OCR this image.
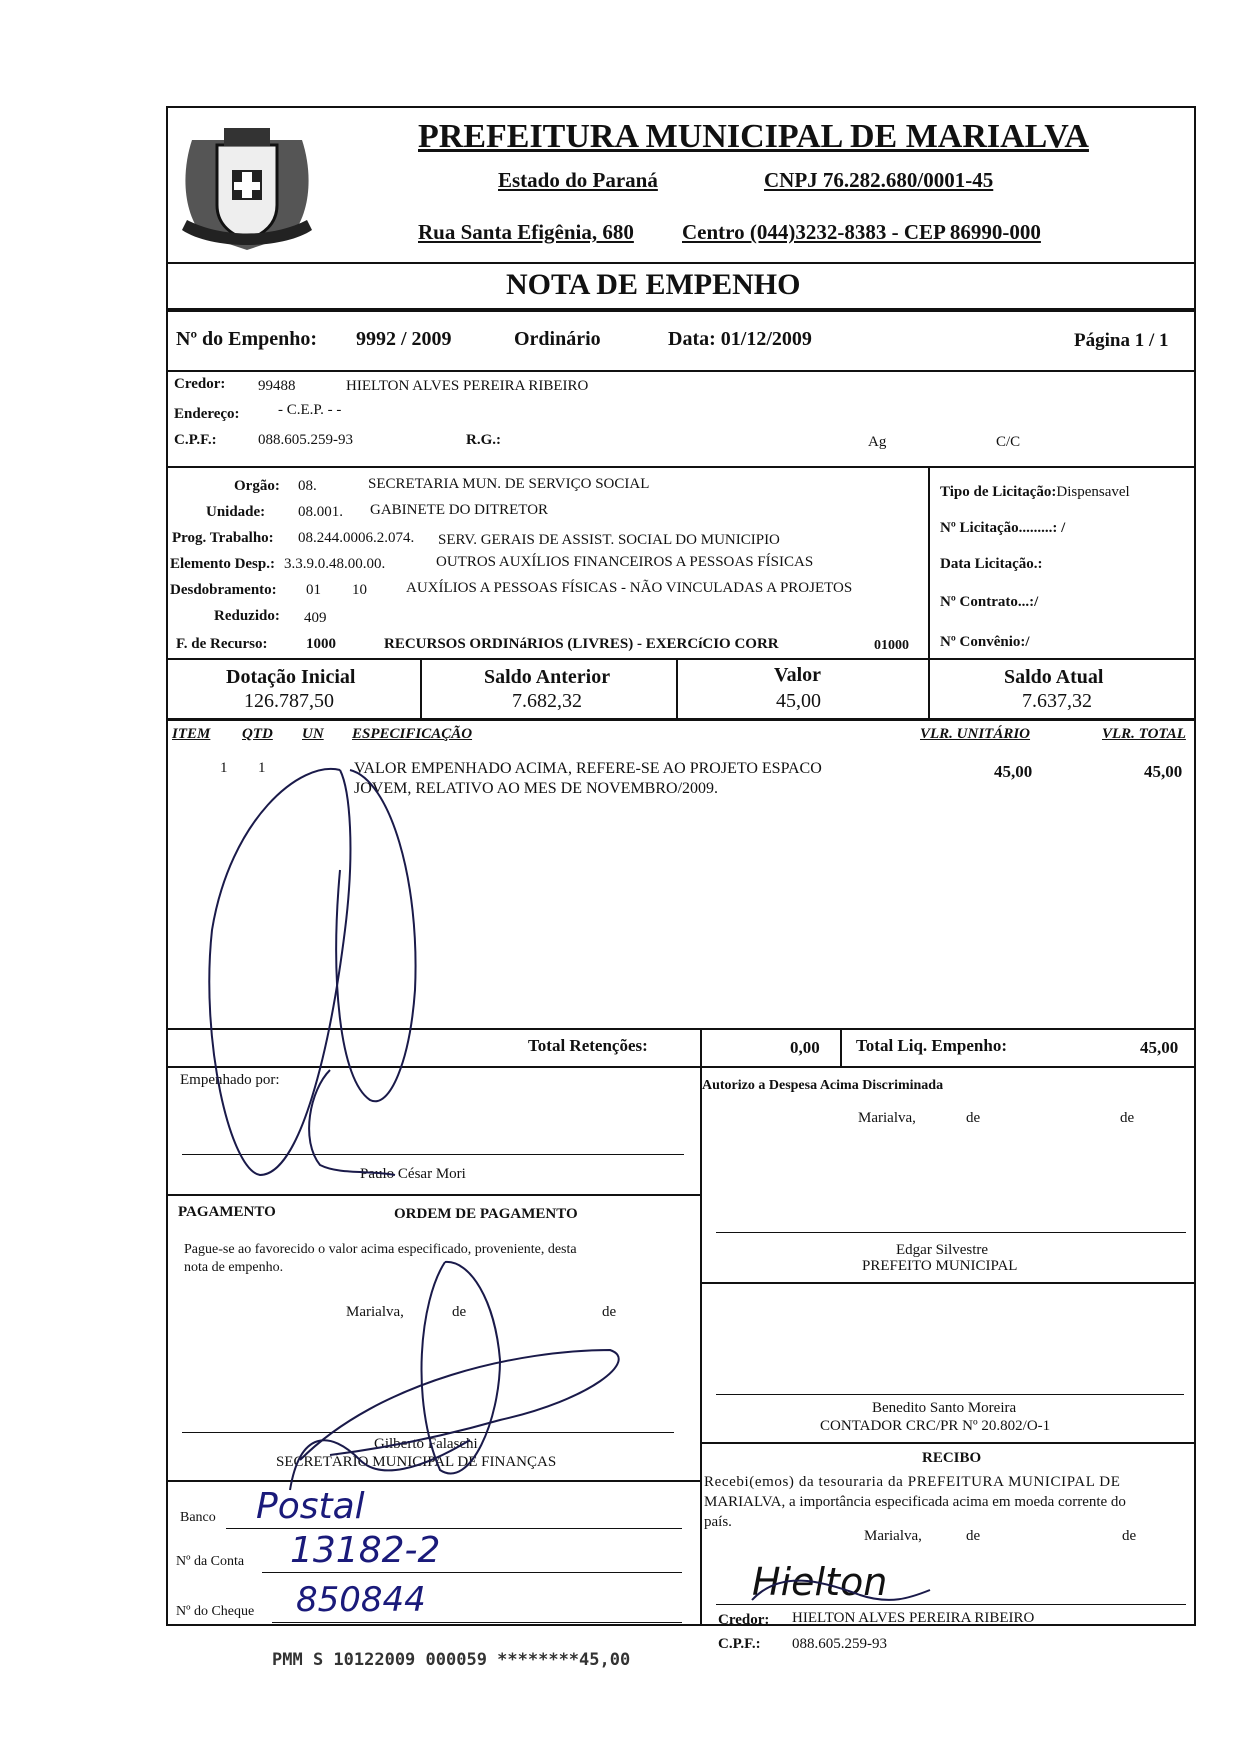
PREFEITURA MUNICIPAL DE MARIALVA
Estado do Paraná	CNPJ 76.282.680/0001-45
Rua Santa Efigênia, 680 Centro (044)3232-8383 - CEP 86990-000
NOTA DE EMPENHO
Nº do Empenho: 9992 / 2009	Ordinário	Data: 01/12/2009	Página 1 / 1
Credor: 99488	HIELTON ALVES PEREIRA RIBEIRO
Endereço:	- C.E.P. - -
C.P.F.:	088.605.259-93	R.G.:	Ag	C/C
Orgão: 08.	SECRETARIA MUN. DE SERVIÇO SOCIAL
Unidade: 08.001. GABINETE DO DITRETOR
Prog. Trabalho: 08.244.0006.2.074. SERV. GERAIS DE ASSIST. SOCIAL DO MUNICIPIO
Elemento Desp.: 3.3.9.0.48.00.00.	OUTROS AUXÍLIOS FINANCEIROS A PESSOAS FÍSICAS
Desdobramento: 01 10	AUXÍLIOS A PESSOAS FÍSICAS - NÃO VINCULADAS A PROJETOS
Reduzido: 409
F. de Recurso:	1000	RECURSOS ORDINáRIOS (LIVRES) - EXERCíCIO CORR	01000
Tipo de Licitação:Dispensavel
Nº Licitação.........: /
Data Licitação.:
Nº Contrato...:/
Nº Convênio:/
Dotação Inicial
126.787,50
Saldo Anterior
7.682,32
Valor
45,00
Saldo Atual
7.637,32
ITEM QTD UN ESPECIFICAÇÃO	VLR. UNITÁRIO	VLR. TOTAL
1 1	VALOR EMPENHADO ACIMA, REFERE-SE AO PROJETO ESPACO
JOVEM, RELATIVO AO MES DE NOVEMBRO/2009.
45,00	45,00
Total Retenções:	0,00 Total Liq. Empenho:	45,00
Empenhado por:
Paulo César Mori
Autorizo a Despesa Acima Discriminada
Marialva,	de	de
Edgar Silvestre
PREFEITO MUNICIPAL
PAGAMENTO	ORDEM DE PAGAMENTO
Pague-se ao favorecido o valor acima especificado, proveniente, desta
nota de empenho.
Marialva,	de	de
Gilberto Falaschi
SECRETÁRIO MUNICIPAL DE FINANÇAS
Banco Postal
Nº da Conta 13182-2
Nº do Cheque 850844
Benedito Santo Moreira
CONTADOR CRC/PR Nº 20.802/O-1
RECIBO
Recebi(emos) da tesouraria da PREFEITURA MUNICIPAL DE
MARIALVA, a importância especificada acima em moeda corrente do
país.
Marialva,	de	de
Hielton
Credor: HIELTON ALVES PEREIRA RIBEIRO
C.P.F.: 088.605.259-93
PMM S 10122009 000059 ********45,00
